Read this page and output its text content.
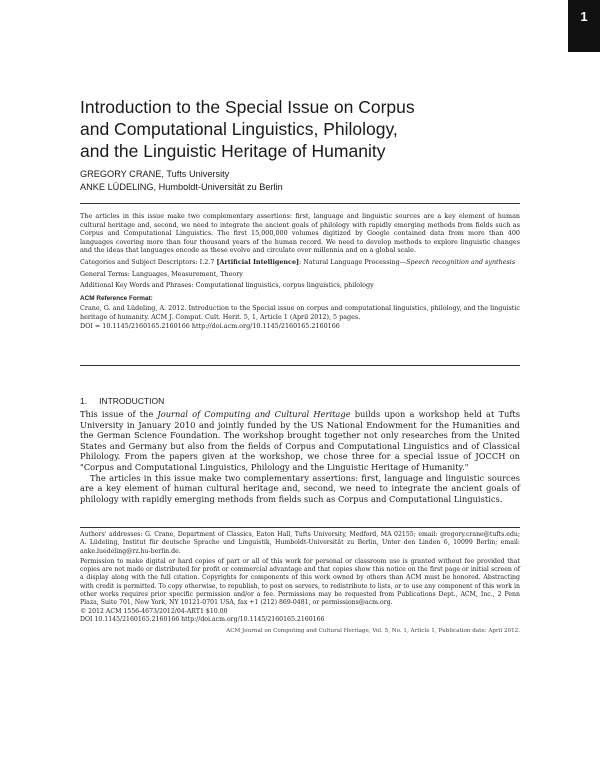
1
Introduction to the Special Issue on Corpus
and Computational Linguistics, Philology,
and the Linguistic Heritage of Humanity
GREGORY CRANE, Tufts University
ANKE LÜDELING, Humboldt-Universität zu Berlin

The articles in this issue make two complementary assertions: first, language and linguistic sources are a key element of human cultural heritage and, second, we need to integrate the ancient goals of philology with rapidly emerging methods from fields such as Corpus and Computational Linguistics. The first 15,000,000 volumes digitized by Google contained data from more than 400 languages covering more than four thousand years of the human record. We need to develop methods to explore linguistic changes and the ideas that languages encode as these evolve and circulate over millennia and on a global scale.

Categories and Subject Descriptors: I.2.7 [Artificial Intelligence]: Natural Language Processing—Speech recognition and synthesis

General Terms: Languages, Measurement, Theory

Additional Key Words and Phrases: Computational linguistics, corpus linguistics, philology

ACM Reference Format:

Crane, G. and Lüdeling, A. 2012. Introduction to the Special issue on corpus and computational linguistics, philology, and the linguistic heritage of humanity. ACM J. Comput. Cult. Herit. 5, 1, Article 1 (April 2012), 5 pages.

DOI = 10.1145/2160165.2160166 http://doi.acm.org/10.1145/2160165.2160166

1. INTRODUCTION

This issue of the Journal of Computing and Cultural Heritage builds upon a workshop held at Tufts University in January 2010 and jointly funded by the US National Endowment for the Humanities and the German Science Foundation. The workshop brought together not only researches from the United States and Germany but also from the fields of Corpus and Computational Linguistics and of Classical Philology. From the papers given at the workshop, we chose three for a special issue of JOCCH on "Corpus and Computational Linguistics, Philology and the Linguistic Heritage of Humanity."

The articles in this issue make two complementary assertions: first, language and linguistic sources are a key element of human cultural heritage and, second, we need to integrate the ancient goals of philology with rapidly emerging methods from fields such as Corpus and Computational Linguistics.

Authors' addresses: G. Crane, Department of Classics, Eaton Hall, Tufts University, Medford, MA 02155; email: gregory.crane@tufts.edu; A. Lüdeling, Institut für deutsche Sprache und Linguistik, Humboldt-Universität zu Berlin, Unter den Linden 6, 10099 Berlin; email: anke.luedeling@rz.hu-berlin.de.

Permission to make digital or hard copies of part or all of this work for personal or classroom use is granted without fee provided that copies are not made or distributed for profit or commercial advantage and that copies show this notice on the first page or initial screen of a display along with the full citation. Copyrights for components of this work owned by others than ACM must be honored. Abstracting with credit is permitted. To copy otherwise, to republish, to post on servers, to redistribute to lists, or to use any component of this work in other works requires prior specific permission and/or a fee. Permissions may be requested from Publications Dept., ACM, Inc., 2 Penn Plaza, Suite 701, New York, NY 10121-0701 USA, fax +1 (212) 869-0481, or permissions@acm.org.

© 2012 ACM 1556-4673/2012/04-ART1 $10.00

DOI 10.1145/2160165.2160166 http://doi.acm.org/10.1145/2160165.2160166

ACM Journal on Computing and Cultural Heritage, Vol. 5, No. 1, Article 1, Publication date: April 2012.
